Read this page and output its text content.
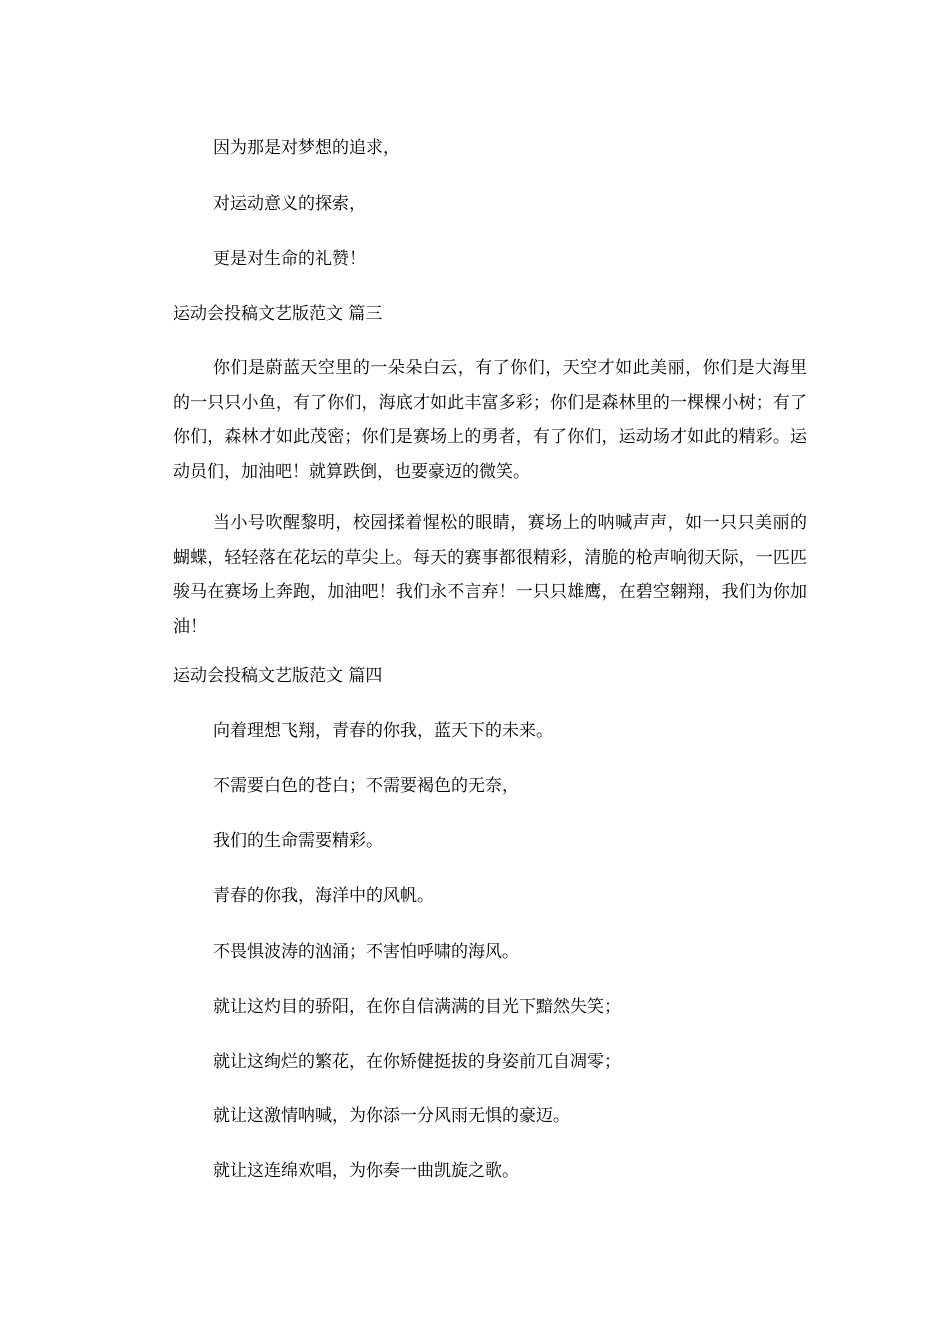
因为那是对梦想的追求，
对运动意义的探索，
更是对生命的礼赞！
运动会投稿文艺版范文 篇三
你们是蔚蓝天空里的一朵朵白云，有了你们，天空才如此美丽，你们是大海里的一只只小鱼，有了你们，海底才如此丰富多彩；你们是森林里的一棵棵小树；有了你们，森林才如此茂密；你们是赛场上的勇者，有了你们，运动场才如此的精彩。运动员们，加油吧！就算跌倒，也要豪迈的微笑。
当小号吹醒黎明，校园揉着惺松的眼睛，赛场上的呐喊声声，如一只只美丽的蝴蝶，轻轻落在花坛的草尖上。每天的赛事都很精彩，清脆的枪声响彻天际，一匹匹骏马在赛场上奔跑，加油吧！我们永不言弃！一只只雄鹰，在碧空翱翔，我们为你加油！
运动会投稿文艺版范文 篇四
向着理想飞翔，青春的你我，蓝天下的未来。
不需要白色的苍白；不需要褐色的无奈，
我们的生命需要精彩。
青春的你我，海洋中的风帆。
不畏惧波涛的汹涌；不害怕呼啸的海风。
就让这灼目的骄阳，在你自信满满的目光下黯然失笑；
就让这绚烂的繁花，在你矫健挺拔的身姿前兀自凋零；
就让这激情呐喊，为你添一分风雨无惧的豪迈。
就让这连绵欢唱，为你奏一曲凯旋之歌。
